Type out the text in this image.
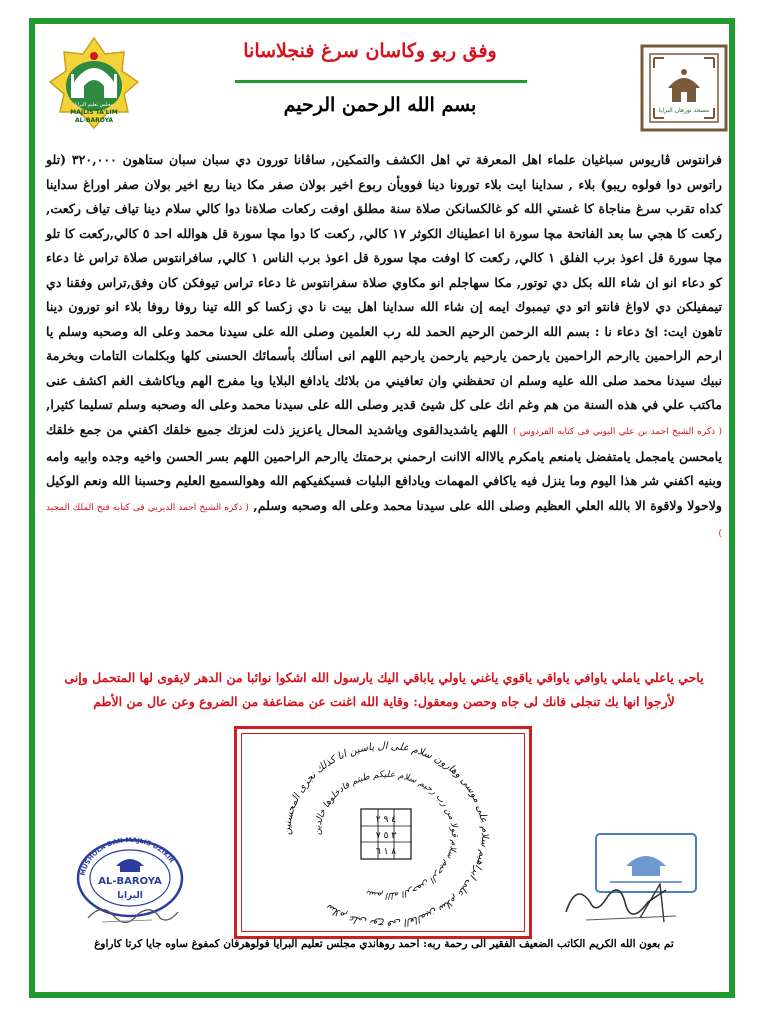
MAJLIS TA'LIM
AL-BAROYA
مجلس تعليم البرايا
مسجد نورهان البرايا
وفق ربو وكاسان سرغ فنجلاسانا
بسم الله الرحمن الرحيم
فرانتوس ڤاريوس سباغيان علماء اهل المعرفة تي اهل الكشف والتمكين, ساڤانا تورون دي سبان سبان ستاهون ٣٢٠,٠٠٠ (تلو راتوس دوا فولوه ريبو) بلاء , سداينا ايت بلاء تورونا دينا فوويأن ربوع اخير بولان صفر مكا دينا ربع اخير بولان صفر اوراغ سداينا كداه تقرب سرغ مناجاة كا غستي الله كو غالكسانكن صلاة سنة مطلق اوفت ركعات صلاةنا دوا كالي سلام دينا تياف تياف ركعت, ركعت كا هجي سا بعد الفاتحة مچا سورة انا اعطيناك الكوثر ١٧ كالي, ركعت كا دوا مچا سورة قل هوالله احد ٥ كالي,ركعت كا تلو مچا سورة قل اعوذ برب الفلق ١ كالي, ركعت كا اوفت مچا سورة قل اعوذ برب الناس ١ كالي, سافرانتوس صلاة تراس غا دعاء كو دعاء انو ان شاء الله بكل دي توتور, مكا سهاجلم انو مكاوي صلاة سفرانتوس غا دعاء تراس تيوفكن كان وفق,تراس وفقنا دي تيمفيلكن دي لاواغ فانتو اتو دي تيمبوك ايمه إن شاء الله سداينا اهل بيت نا دي زكسا كو الله تينا روفا روفا بلاء انو تورون دينا تاهون ايت: اىٔ دعاء نا : بسم الله الرحمن الرحيم الحمد لله رب العلمين وصلى الله على سيدنا محمد وعلى اله وصحبه وسلم يا ارحم الراحمين ياارحم الراحمين يارحمن يارحيم يارحمن يارحيم اللهم انى اسألك بأسمائك الحسنى كلها وبكلمات التامات وبخرمة نبيك سيدنا محمد صلى الله عليه وسلم ان تحفظني وان تعافيني من بلائك يادافع البلايا ويا مفرج الهم وياكاشف الغم اكشف عنى ماكتب علي في هذه السنة من هم وغم انك على كل شيئ قدير وصلى الله على سيدنا محمد وعلى اله وصحبه وسلم تسليما كثيرا, ( ذكره الشيخ احمد بن علي البوني فى كتابه الفردوس ) اللهم ياشديدالقوى وياشديد المحال ياعزيز ذلت لعزتك جميع خلقك اكفني من جمع خلقك يامحسن يامجمل يامتفضل يامنعم يامكرم يالااله الاانت ارحمني برحمتك ياارحم الراحمين اللهم بسر الحسن واخيه وجده وابيه وامه وبنيه اكفني شر هذا اليوم وما ينزل فيه ياكافي المهمات ويادافع البليات فسيكفيكهم الله وهوالسميع العليم وحسبنا الله ونعم الوكيل ولاحولا ولاقوة الا بالله العلي العظيم وصلى الله على سيدنا محمد وعلى اله وصحبه وسلم, ( ذكره الشيخ احمد الديربي فى كتابه فتح الملك المجيد )
ياحي ياعلي ياملي ياوافي ياواقي ياقوي ياغني ياولي ياباقي اليك يارسول الله اشكوا نوائبا من الدهر لايقوى لها المتحمل وإنى
لأرجوا انها بك تنجلى فانك لى جاه وحصن ومعقول: وقاية الله اغنت عن مضاعفة من الضروع وعن عال من الأطم
سلام على نوح فى العالمين سلام على ابراهيم سلام على موسى وهارون سلام على ال ياسين انا كذلك نجزى المحسنين
بسم الله الرحمن الرحيم سلام قولا من رب رحيم سلام عليكم طبتم فادخلوها خالدين
٤ ٩ ٢
٣ ٥ ٧
٨ ١ ٦
MUSHOLA DAN MAJLIS DZIKIR
AL-BAROYA
البرايا
تم بعون الله الكريم الكاتب الضعيف الفقير الى رحمة ربه: احمد روهاندي مجلس تعليم البرايا فولوهرفان كمفوغ ساوه جايا كرتا كاراوغ
